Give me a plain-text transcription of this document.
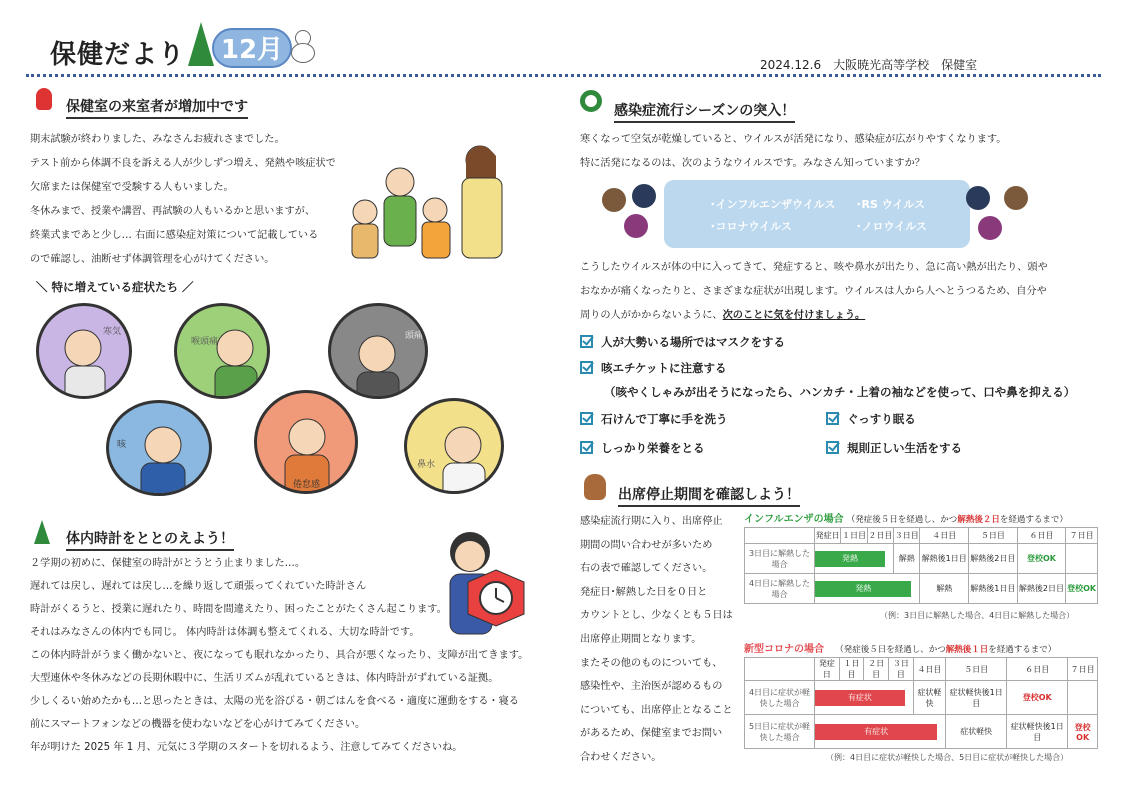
保健だより	12月	2024.12.6　大阪暁光高等学校　保健室
保健室の来室者が増加中です
期末試験が終わりました、みなさんお疲れさまでした。
テスト前から体調不良を訴える人が少しずつ増え、発熱や咳症状で
欠席または保健室で受験する人もいました。
冬休みまで、授業や講習、再試験の人もいるかと思いますが、
終業式まであと少し… 右面に感染症対策について記載している
ので確認し、油断せず体調管理を心がけてください。
＼ 特に増えている症状たち ／
寒気
喉頭痛
頭痛
咳
倦怠感
鼻水
体内時計をととのえよう！
２学期の初めに、保健室の時計がとうとう止まりました…。
遅れては戻し、遅れては戻し…を繰り返して頑張ってくれていた時計さん
時計がくるうと、授業に遅れたり、時間を間違えたり、困ったことがたくさん起こります。
それはみなさんの体内でも同じ。 体内時計は体調も整えてくれる、大切な時計です。
この体内時計がうまく働かないと、夜になっても眠れなかったり、具合が悪くなったり、支障が出てきます。
大型連休や冬休みなどの長期休暇中に、生活リズムが乱れているときは、体内時計がずれている証拠。
少しくるい始めたかも…と思ったときは、太陽の光を浴びる・朝ごはんを食べる・適度に運動をする・寝る
前にスマートフォンなどの機器を使わないなどを心がけてみてください。
年が明けた 2025 年 1 月、元気に３学期のスタートを切れるよう、注意してみてくださいね。
感染症流行シーズンの突入！
寒くなって空気が乾燥していると、ウイルスが活発になり、感染症が広がりやすくなります。
特に活発になるのは、次のようなウイルスです。みなさん知っていますか？
･インフルエンザウイルス ･RS ウイルス
･コロナウイルス	･ノロウイルス
こうしたウイルスが体の中に入ってきて、発症すると、咳や鼻水が出たり、急に高い熱が出たり、頭や
おなかが痛くなったりと、さまざまな症状が出現します。ウイルスは人から人へとうつるため、自分や
周りの人がかからないように、次のことに気を付けましょう。
人が大勢いる場所ではマスクをする
咳エチケットに注意する
（咳やくしゃみが出そうになったら、ハンカチ・上着の袖などを使って、口や鼻を抑える）
石けんで丁寧に手を洗う	ぐっすり眠る
しっかり栄養をとる	規則正しい生活をする
出席停止期間を確認しよう！
感染症流行期に入り、出席停止
期間の問い合わせが多いため
右の表で確認してください。
発症日･解熱した日を０日と
カウントとし、少なくとも５日は
出席停止期間となります。
またその他のものについても、
感染性や、主治医が認めるもの
についても、出席停止となること
があるため、保健室までお問い
合わせください。
インフルエンザの場合 （発症後５日を経過し、かつ解熱後２日を経過するまで）
	発症日	１日目	２日目	３日目	４日目	５日目	６日目	７日目
3日目に解熱した場合	発熱			解熱	解熱後1日目	解熱後2日目	登校OK	
4日目に解熱した場合	発熱				解熱	解熱後1日目	解熱後2日目	登校OK
（例：3日目に解熱した場合、4日目に解熱した場合）
新型コロナの場合 （発症後５日を経過し、かつ解熱後１日を経過するまで）
	発症日	１日目	２日目	３日目	４日目	５日目	６日目	７日目
4日目に症状が軽快した場合	有症状				症状軽快	症状軽快後1日目	登校OK	
5日目に症状が軽快した場合	有症状					症状軽快	症状軽快後1日目	登校OK
（例：4日目に症状が軽快した場合、5日目に症状が軽快した場合）
